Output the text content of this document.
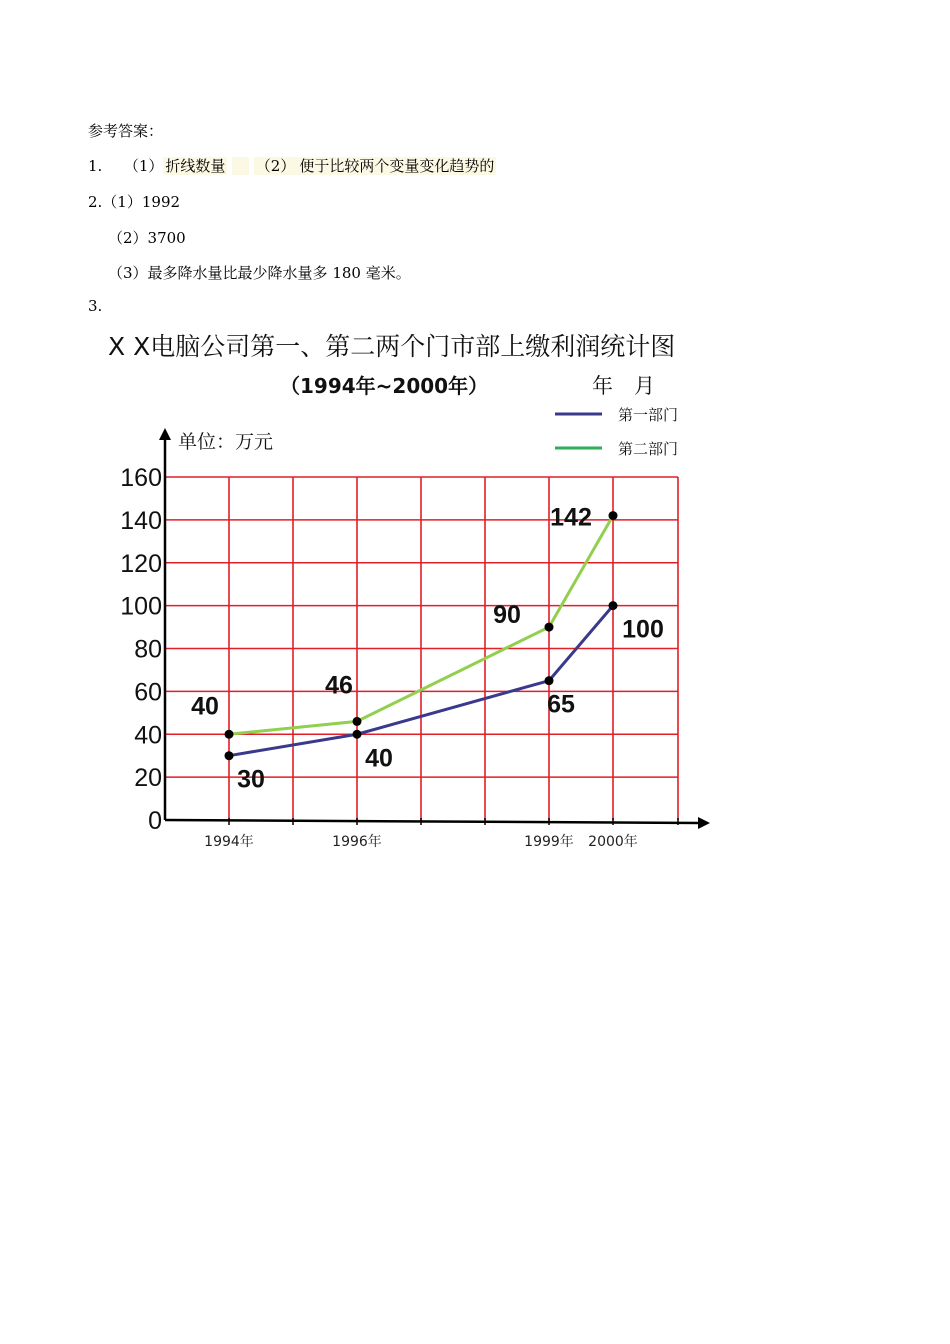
参考答案：
1. （1） 折线数量 （2） 便于比较两个变量变化趋势的
2.（1）1992
（2）3700
（3）最多降水量比最少降水量多 180 毫米。
3.
X X电脑公司第一、第二两个门市部上缴利润统计图
（1994年~2000年）	年　月
单位：万元
0
20
40
60
80
100
120
140
160
1994年	1996年	1999年 2000年
30
40
65
100
40
46
90
142
第一部门
第二部门
